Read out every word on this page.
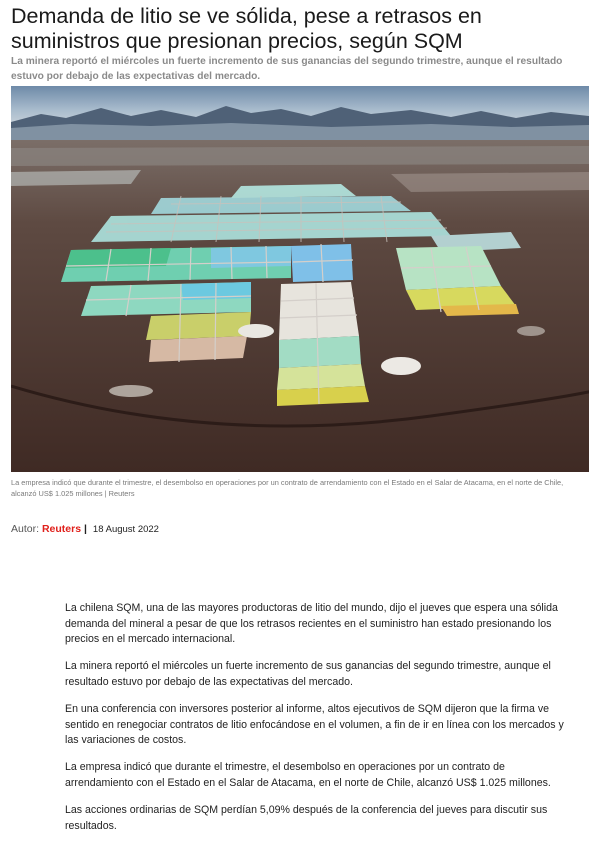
Demanda de litio se ve sólida, pese a retrasos en suministros que presionan precios, según SQM

La minera reportó el miércoles un fuerte incremento de sus ganancias del segundo trimestre, aunque el resultado estuvo por debajo de las expectativas del mercado.

La empresa indicó que durante el trimestre, el desembolso en operaciones por un contrato de arrendamiento con el Estado en el Salar de Atacama, en el norte de Chile, alcanzó US$ 1.025 millones | Reuters

Autor: Reuters | 18 August 2022

La chilena SQM, una de las mayores productoras de litio del mundo, dijo el jueves que espera una sólida demanda del mineral a pesar de que los retrasos recientes en el suministro han estado presionando los precios en el mercado internacional.

La minera reportó el miércoles un fuerte incremento de sus ganancias del segundo trimestre, aunque el resultado estuvo por debajo de las expectativas del mercado.

En una conferencia con inversores posterior al informe, altos ejecutivos de SQM dijeron que la firma ve sentido en renegociar contratos de litio enfocándose en el volumen, a fin de ir en línea con los mercados y las variaciones de costos.

La empresa indicó que durante el trimestre, el desembolso en operaciones por un contrato de arrendamiento con el Estado en el Salar de Atacama, en el norte de Chile, alcanzó US$ 1.025 millones.

Las acciones ordinarias de SQM perdían 5,09% después de la conferencia del jueves para discutir sus resultados.
